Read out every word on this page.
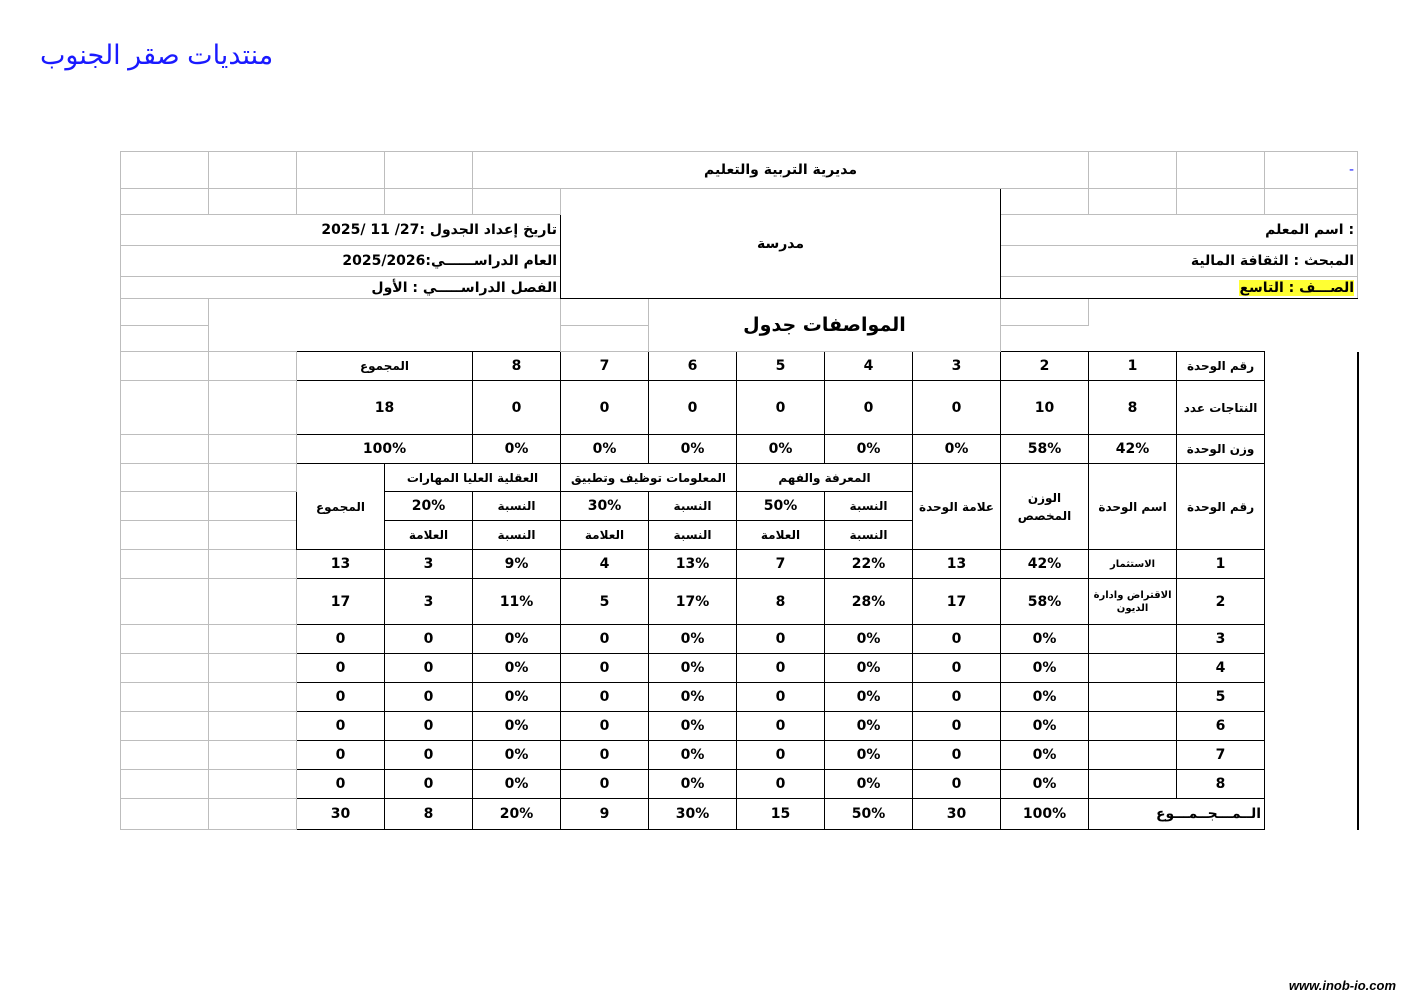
منتديات صقر الجنوب
				مديرية التربية والتعليم									-
					مدرسة								
تاريخ إعداد الجدول :27/ 11 /2025										: اسم المعلم			
العام الدراســــــي:2025/2026										المبحث : الثقافة المالية			
الفصل الدراســـــي : الأول										الصـــف : التاسع			
						المواصفات جدول							

		المجموع		8	7	6	5	4	3	2	1	رقم الوحدة	
		18		0	0	0	0	0	0	10	8	النتاجات عدد	
		100%		0%	0%	0%	0%	0%	0%	58%	42%	وزن الوحدة	
		المجموع	العقلية العليا المهارات		المعلومات توظيف وتطبيق		المعرفة والفهم		علامة الوحدة	الوزن المخصص	اسم الوحدة	رقم الوحدة	
			20%	النسبة	30%	النسبة	50%	النسبة					
			العلامة	النسبة	العلامة	النسبة	العلامة	النسبة					
		13	3	9%	4	13%	7	22%	13	42%	الاستثمار	1	
		17	3	11%	5	17%	8	28%	17	58%	الاقتراض وادارة الديون	2	
		0	0	0%	0	0%	0	0%	0	0%		3	
		0	0	0%	0	0%	0	0%	0	0%		4	
		0	0	0%	0	0%	0	0%	0	0%		5	
		0	0	0%	0	0%	0	0%	0	0%		6	
		0	0	0%	0	0%	0	0%	0	0%		7	
		0	0	0%	0	0%	0	0%	0	0%		8	
		30	8	20%	9	30%	15	50%	30	100%	الــمـــجــمـــوع		
www.inob-io.com
